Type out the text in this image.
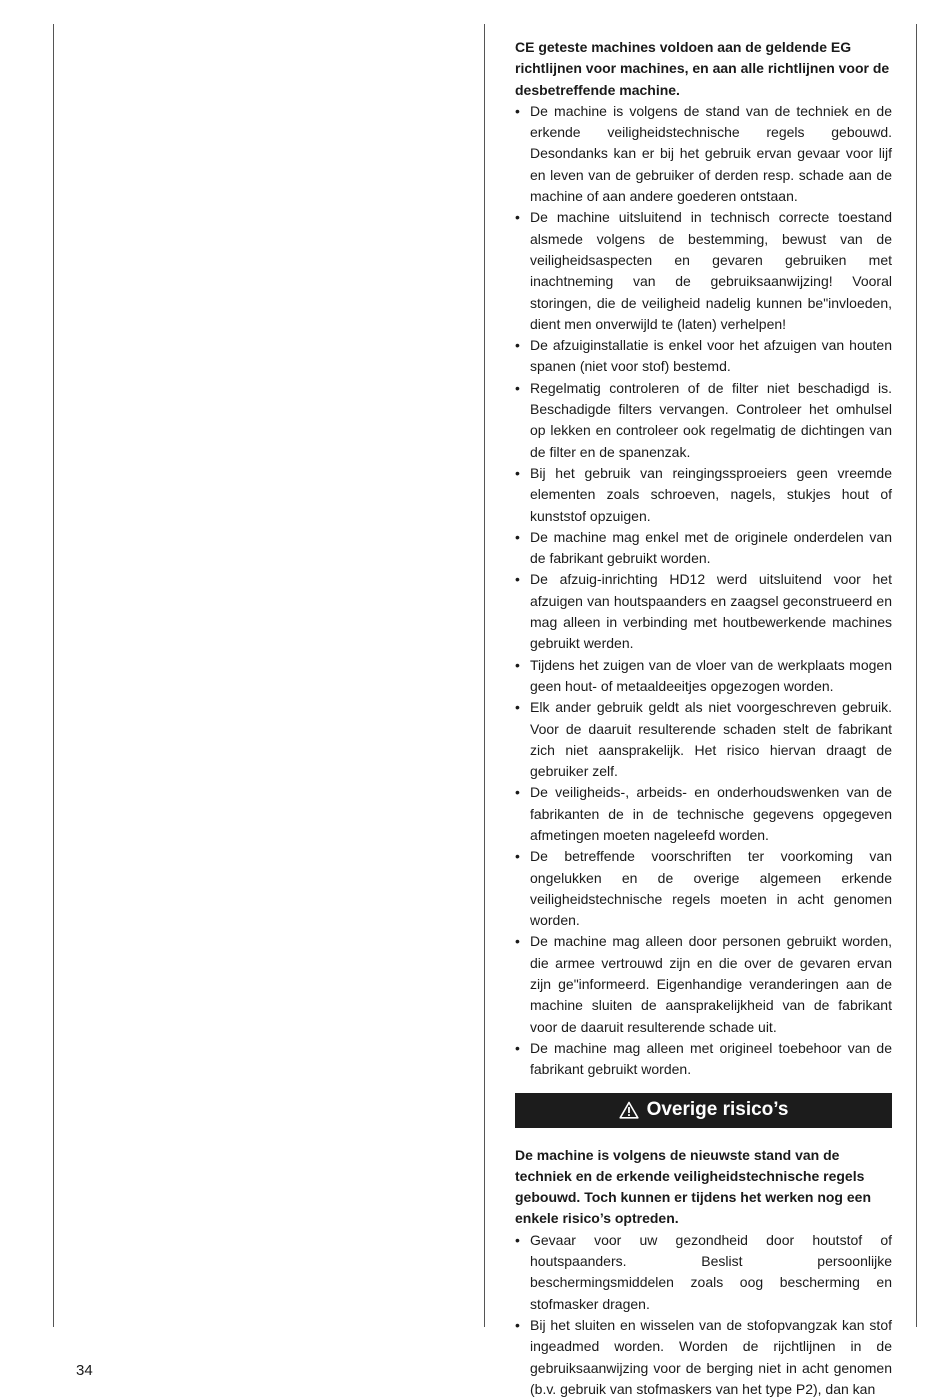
CE geteste machines voldoen aan de geldende EG richtlijnen voor machines, en aan alle richtlijnen voor de desbetreffende machine.

• De machine is volgens de stand van de techniek en de erkende veiligheidstechnische regels gebouwd. Desondanks kan er bij het gebruik ervan gevaar voor lijf en leven van de gebruiker of derden resp. schade aan de machine of aan andere goederen ontstaan.
• De machine uitsluitend in technisch correcte toestand alsmede volgens de bestemming, bewust van de veiligheidsaspecten en gevaren gebruiken met inachtneming van de gebruiksaanwijzing! Vooral storingen, die de veiligheid nadelig kunnen be"invloeden, dient men onverwijld te (laten) verhelpen!
• De afzuiginstallatie is enkel voor het afzuigen van houten spanen (niet voor stof) bestemd.
• Regelmatig controleren of de filter niet beschadigd is. Beschadigde filters vervangen. Controleer het omhulsel op lekken en controleer ook regelmatig de dichtingen van de filter en de spanenzak.
• Bij het gebruik van reingingssproeiers geen vreemde elementen zoals schroeven, nagels, stukjes hout of kunststof opzuigen.
• De machine mag enkel met de originele onderdelen van de fabrikant gebruikt worden.
• De afzuig-inrichting HD12 werd uitsluitend voor het afzuigen van houtspaanders en zaagsel geconstrueerd en mag alleen in verbinding met houtbewerkende machines gebruikt werden.
• Tijdens het zuigen van de vloer van de werkplaats mogen geen hout- of metaaldeeitjes opgezogen worden.
• Elk ander gebruik geldt als niet voorgeschreven gebruik. Voor de daaruit resulterende schaden stelt de fabrikant zich niet aansprakelijk. Het risico hiervan draagt de gebruiker zelf.
• De veiligheids-, arbeids- en onderhoudswenken van de fabrikanten de in de technische gegevens opgegeven afmetingen moeten nageleefd worden.
• De betreffende voorschriften ter voorkoming van ongelukken en de overige algemeen erkende veiligheidstechnische regels moeten in acht genomen worden.
• De machine mag alleen door personen gebruikt worden, die armee vertrouwd zijn en die over de gevaren ervan zijn ge"informeerd. Eigenhandige veranderingen aan de machine sluiten de aansprakelijkheid van de fabrikant voor de daaruit resulterende schade uit.
• De machine mag alleen met origineel toebehoor van de fabrikant gebruikt worden.
Overige risico’s

De machine is volgens de nieuwste stand van de techniek en de erkende veiligheidstechnische regels gebouwd. Toch kunnen er tijdens het werken nog een enkele risico’s optreden.

• Gevaar voor uw gezondheid door houtstof of houtspaanders. Beslist persoonlijke beschermingsmiddelen zoals oog bescherming en stofmasker dragen.
• Bij het sluiten en wisselen van de stofopvangzak kan stof ingeadmed worden. Worden de rijchtlijnen in de gebruiksaanwijzing voor de berging niet in acht genomen (b.v. gebruik van stofmaskers van het type P2), dan kan
34
